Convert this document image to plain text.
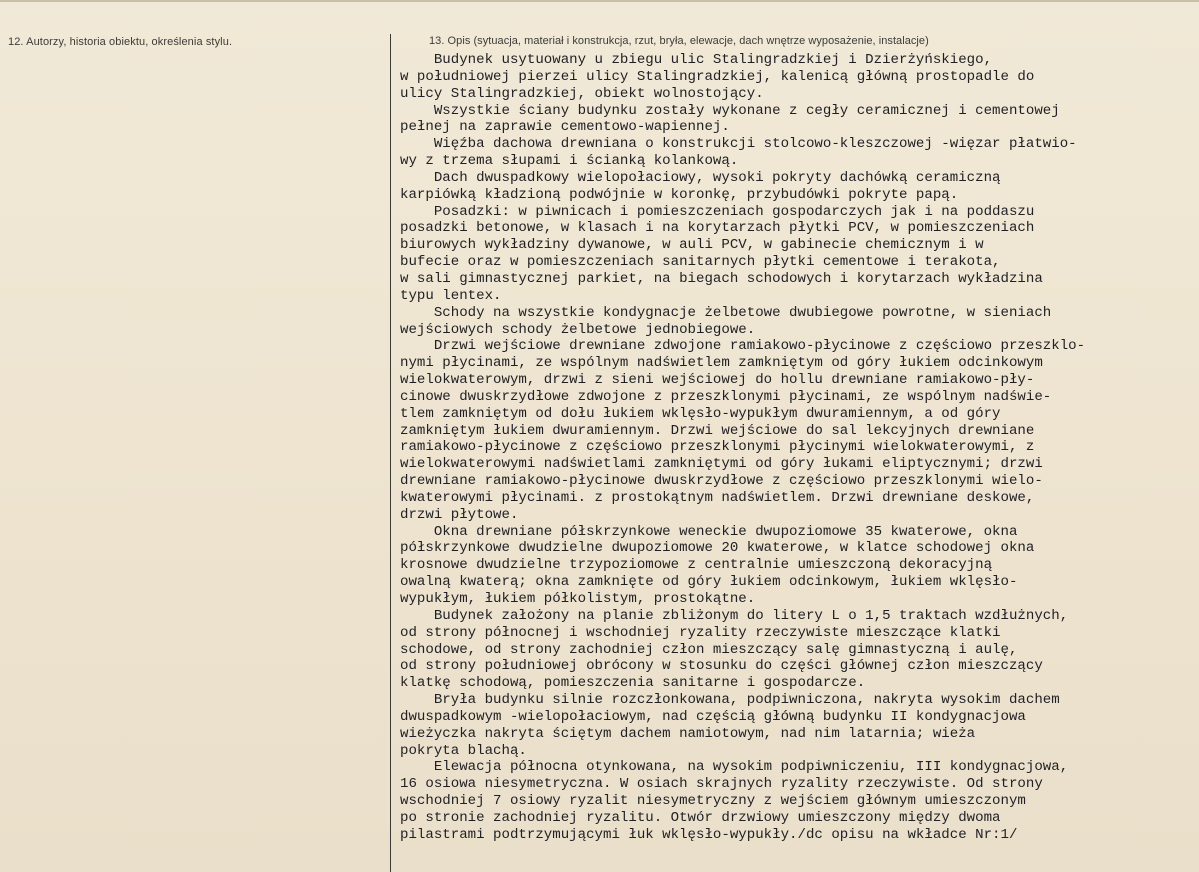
12. Autorzy, historia obiektu, określenia stylu.	13. Opis (sytuacja, materiał i konstrukcja, rzut, bryła, elewacje, dach wnętrze wyposażenie, instalacje)
Budynek usytuowany u zbiegu ulic Stalingradzkiej i Dzierżyńskiego,
w południowej pierzei ulicy Stalingradzkiej, kalenicą główną prostopadle do
ulicy Stalingradzkiej, obiekt wolnostojący.
Wszystkie ściany budynku zostały wykonane z cegły ceramicznej i cementowej
pełnej na zaprawie cementowo-wapiennej.
Więźba dachowa drewniana o konstrukcji stolcowo-kleszczowej -więzar płatwio-
wy z trzema słupami i ścianką kolankową.
Dach dwuspadkowy wielopołaciowy, wysoki pokryty dachówką ceramiczną
karpiówką kładzioną podwójnie w koronkę, przybudówki pokryte papą.
Posadzki: w piwnicach i pomieszczeniach gospodarczych jak i na poddaszu
posadzki betonowe, w klasach i na korytarzach płytki PCV, w pomieszczeniach
biurowych wykładziny dywanowe, w auli PCV, w gabinecie chemicznym i w
bufecie oraz w pomieszczeniach sanitarnych płytki cementowe i terakota,
w sali gimnastycznej parkiet, na biegach schodowych i korytarzach wykładzina
typu lentex.
Schody na wszystkie kondygnacje żelbetowe dwubiegowe powrotne, w sieniach
wejściowych schody żelbetowe jednobiegowe.
Drzwi wejściowe drewniane zdwojone ramiakowo-płycinowe z częściowo przeszklo-
nymi płycinami, ze wspólnym nadświetlem zamkniętym od góry łukiem odcinkowym
wielokwaterowym, drzwi z sieni wejściowej do hollu drewniane ramiakowo-pły-
cinowe dwuskrzydłowe zdwojone z przeszklonymi płycinami, ze wspólnym nadświe-
tlem zamkniętym od dołu łukiem wklęsło-wypukłym dwuramiennym, a od góry
zamkniętym łukiem dwuramiennym. Drzwi wejściowe do sal lekcyjnych drewniane
ramiakowo-płycinowe z częściowo przeszklonymi płycinymi wielokwaterowymi, z
wielokwaterowymi nadświetlami zamkniętymi od góry łukami eliptycznymi; drzwi
drewniane ramiakowo-płycinowe dwuskrzydłowe z częściowo przeszklonymi wielo-
kwaterowymi płycinami. z prostokątnym nadświetlem. Drzwi drewniane deskowe,
drzwi płytowe.
Okna drewniane półskrzynkowe weneckie dwupoziomowe 35 kwaterowe, okna
półskrzynkowe dwudzielne dwupoziomowe 20 kwaterowe, w klatce schodowej okna
krosnowe dwudzielne trzypoziomowe z centralnie umieszczoną dekoracyjną
owalną kwaterą; okna zamknięte od góry łukiem odcinkowym, łukiem wklęsło-
wypukłym, łukiem półkolistym, prostokątne.
Budynek założony na planie zbliżonym do litery L o 1,5 traktach wzdłużnych,
od strony północnej i wschodniej ryzality rzeczywiste mieszczące klatki
schodowe, od strony zachodniej człon mieszczący salę gimnastyczną i aulę,
od strony południowej obrócony w stosunku do części głównej człon mieszczący
klatkę schodową, pomieszczenia sanitarne i gospodarcze.
Bryła budynku silnie rozczłonkowana, podpiwniczona, nakryta wysokim dachem
dwuspadkowym -wielopołaciowym, nad częścią główną budynku II kondygnacjowa
wieżyczka nakryta ściętym dachem namiotowym, nad nim latarnia; wieża
pokryta blachą.
Elewacja północna otynkowana, na wysokim podpiwniczeniu, III kondygnacjowa,
16 osiowa niesymetryczna. W osiach skrajnych ryzality rzeczywiste. Od strony
wschodniej 7 osiowy ryzalit niesymetryczny z wejściem głównym umieszczonym
po stronie zachodniej ryzalitu. Otwór drzwiowy umieszczony między dwoma
pilastrami podtrzymującymi łuk wklęsło-wypukły./dc opisu na wkładce Nr:1/
